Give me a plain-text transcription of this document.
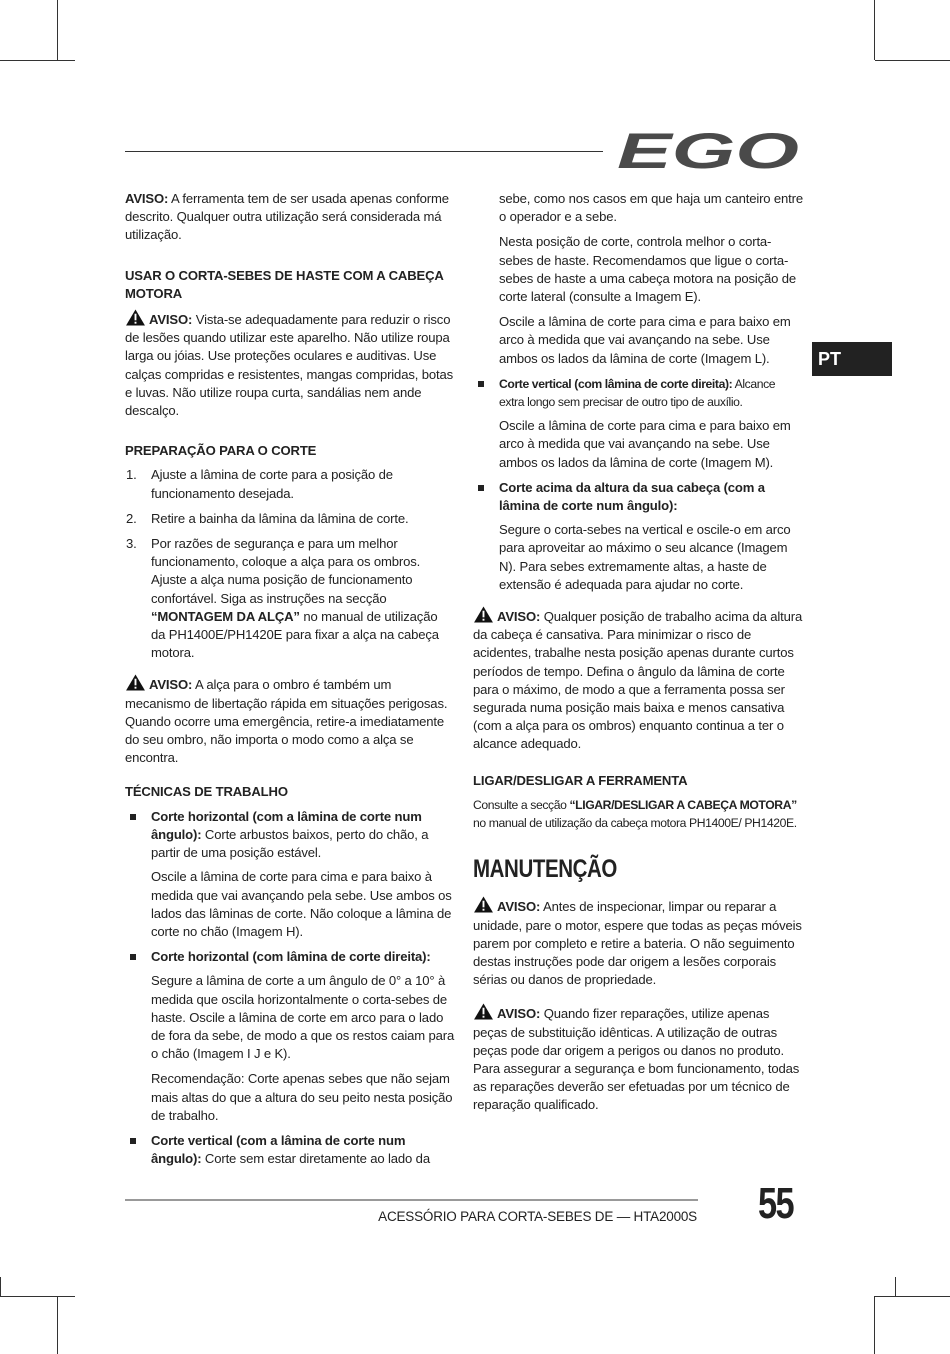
EGO
PT

AVISO: A ferramenta tem de ser usada apenas conforme descrito. Qualquer outra utilização será considerada má utilização.

USAR O CORTA-SEBES DE HASTE COM A CABEÇA MOTORA

AVISO: Vista-se adequadamente para reduzir o risco de lesões quando utilizar este aparelho. Não utilize roupa larga ou jóias. Use proteções oculares e auditivas. Use calças compridas e resistentes, mangas compridas, botas e luvas. Não utilize roupa curta, sandálias nem ande descalço.

PREPARAÇÃO PARA O CORTE
1. Ajuste a lâmina de corte para a posição de funcionamento desejada.
2. Retire a bainha da lâmina da lâmina de corte.
3. Por razões de segurança e para um melhor funcionamento, coloque a alça para os ombros. Ajuste a alça numa posição de funcionamento confortável. Siga as instruções na secção “MONTAGEM DA ALÇA” no manual de utilização da PH1400E/PH1420E para fixar a alça na cabeça motora.

AVISO: A alça para o ombro é também um mecanismo de libertação rápida em situações perigosas. Quando ocorre uma emergência, retire-a imediatamente do seu ombro, não importa o modo como a alça se encontra.

TÉCNICAS DE TRABALHO
Corte horizontal (com a lâmina de corte num ângulo): Corte arbustos baixos, perto do chão, a partir de uma posição estável.
Oscile a lâmina de corte para cima e para baixo à medida que vai avançando pela sebe. Use ambos os lados das lâminas de corte. Não coloque a lâmina de corte no chão (Imagem H).
Corte horizontal (com lâmina de corte direita):
Segure a lâmina de corte a um ângulo de 0° a 10° à medida que oscila horizontalmente o corta-sebes de haste. Oscile a lâmina de corte em arco para o lado de fora da sebe, de modo a que os restos caiam para o chão (Imagem I J e K).
Recomendação: Corte apenas sebes que não sejam mais altas do que a altura do seu peito nesta posição de trabalho.
Corte vertical (com a lâmina de corte num ângulo): Corte sem estar diretamente ao lado da
sebe, como nos casos em que haja um canteiro entre o operador e a sebe.
Nesta posição de corte, controla melhor o corta-sebes de haste. Recomendamos que ligue o corta-sebes de haste a uma cabeça motora na posição de corte lateral (consulte a Imagem E).
Oscile a lâmina de corte para cima e para baixo em arco à medida que vai avançando na sebe. Use ambos os lados da lâmina de corte (Imagem L).
Corte vertical (com lâmina de corte direita): Alcance extra longo sem precisar de outro tipo de auxílio.
Oscile a lâmina de corte para cima e para baixo em arco à medida que vai avançando na sebe. Use ambos os lados da lâmina de corte (Imagem M).
Corte acima da altura da sua cabeça (com a lâmina de corte num ângulo):
Segure o corta-sebes na vertical e oscile-o em arco para aproveitar ao máximo o seu alcance (Imagem N). Para sebes extremamente altas, a haste de extensão é adequada para ajudar no corte.

AVISO: Qualquer posição de trabalho acima da altura da cabeça é cansativa. Para minimizar o risco de acidentes, trabalhe nesta posição apenas durante curtos períodos de tempo. Defina o ângulo da lâmina de corte para o máximo, de modo a que a ferramenta possa ser segurada numa posição mais baixa e menos cansativa (com a alça para os ombros) enquanto continua a ter o alcance adequado.

LIGAR/DESLIGAR A FERRAMENTA

Consulte a secção “LIGAR/DESLIGAR A CABEÇA MOTORA” no manual de utilização da cabeça motora PH1400E/ PH1420E.

MANUTENÇÃO

AVISO: Antes de inspecionar, limpar ou reparar a unidade, pare o motor, espere que todas as peças móveis parem por completo e retire a bateria. O não seguimento destas instruções pode dar origem a lesões corporais sérias ou danos de propriedade.

AVISO: Quando fizer reparações, utilize apenas peças de substituição idênticas. A utilização de outras peças pode dar origem a perigos ou danos no produto. Para assegurar a segurança e bom funcionamento, todas as reparações deverão ser efetuadas por um técnico de reparação qualificado.

ACESSÓRIO PARA CORTA-SEBES DE — HTA2000S 55
